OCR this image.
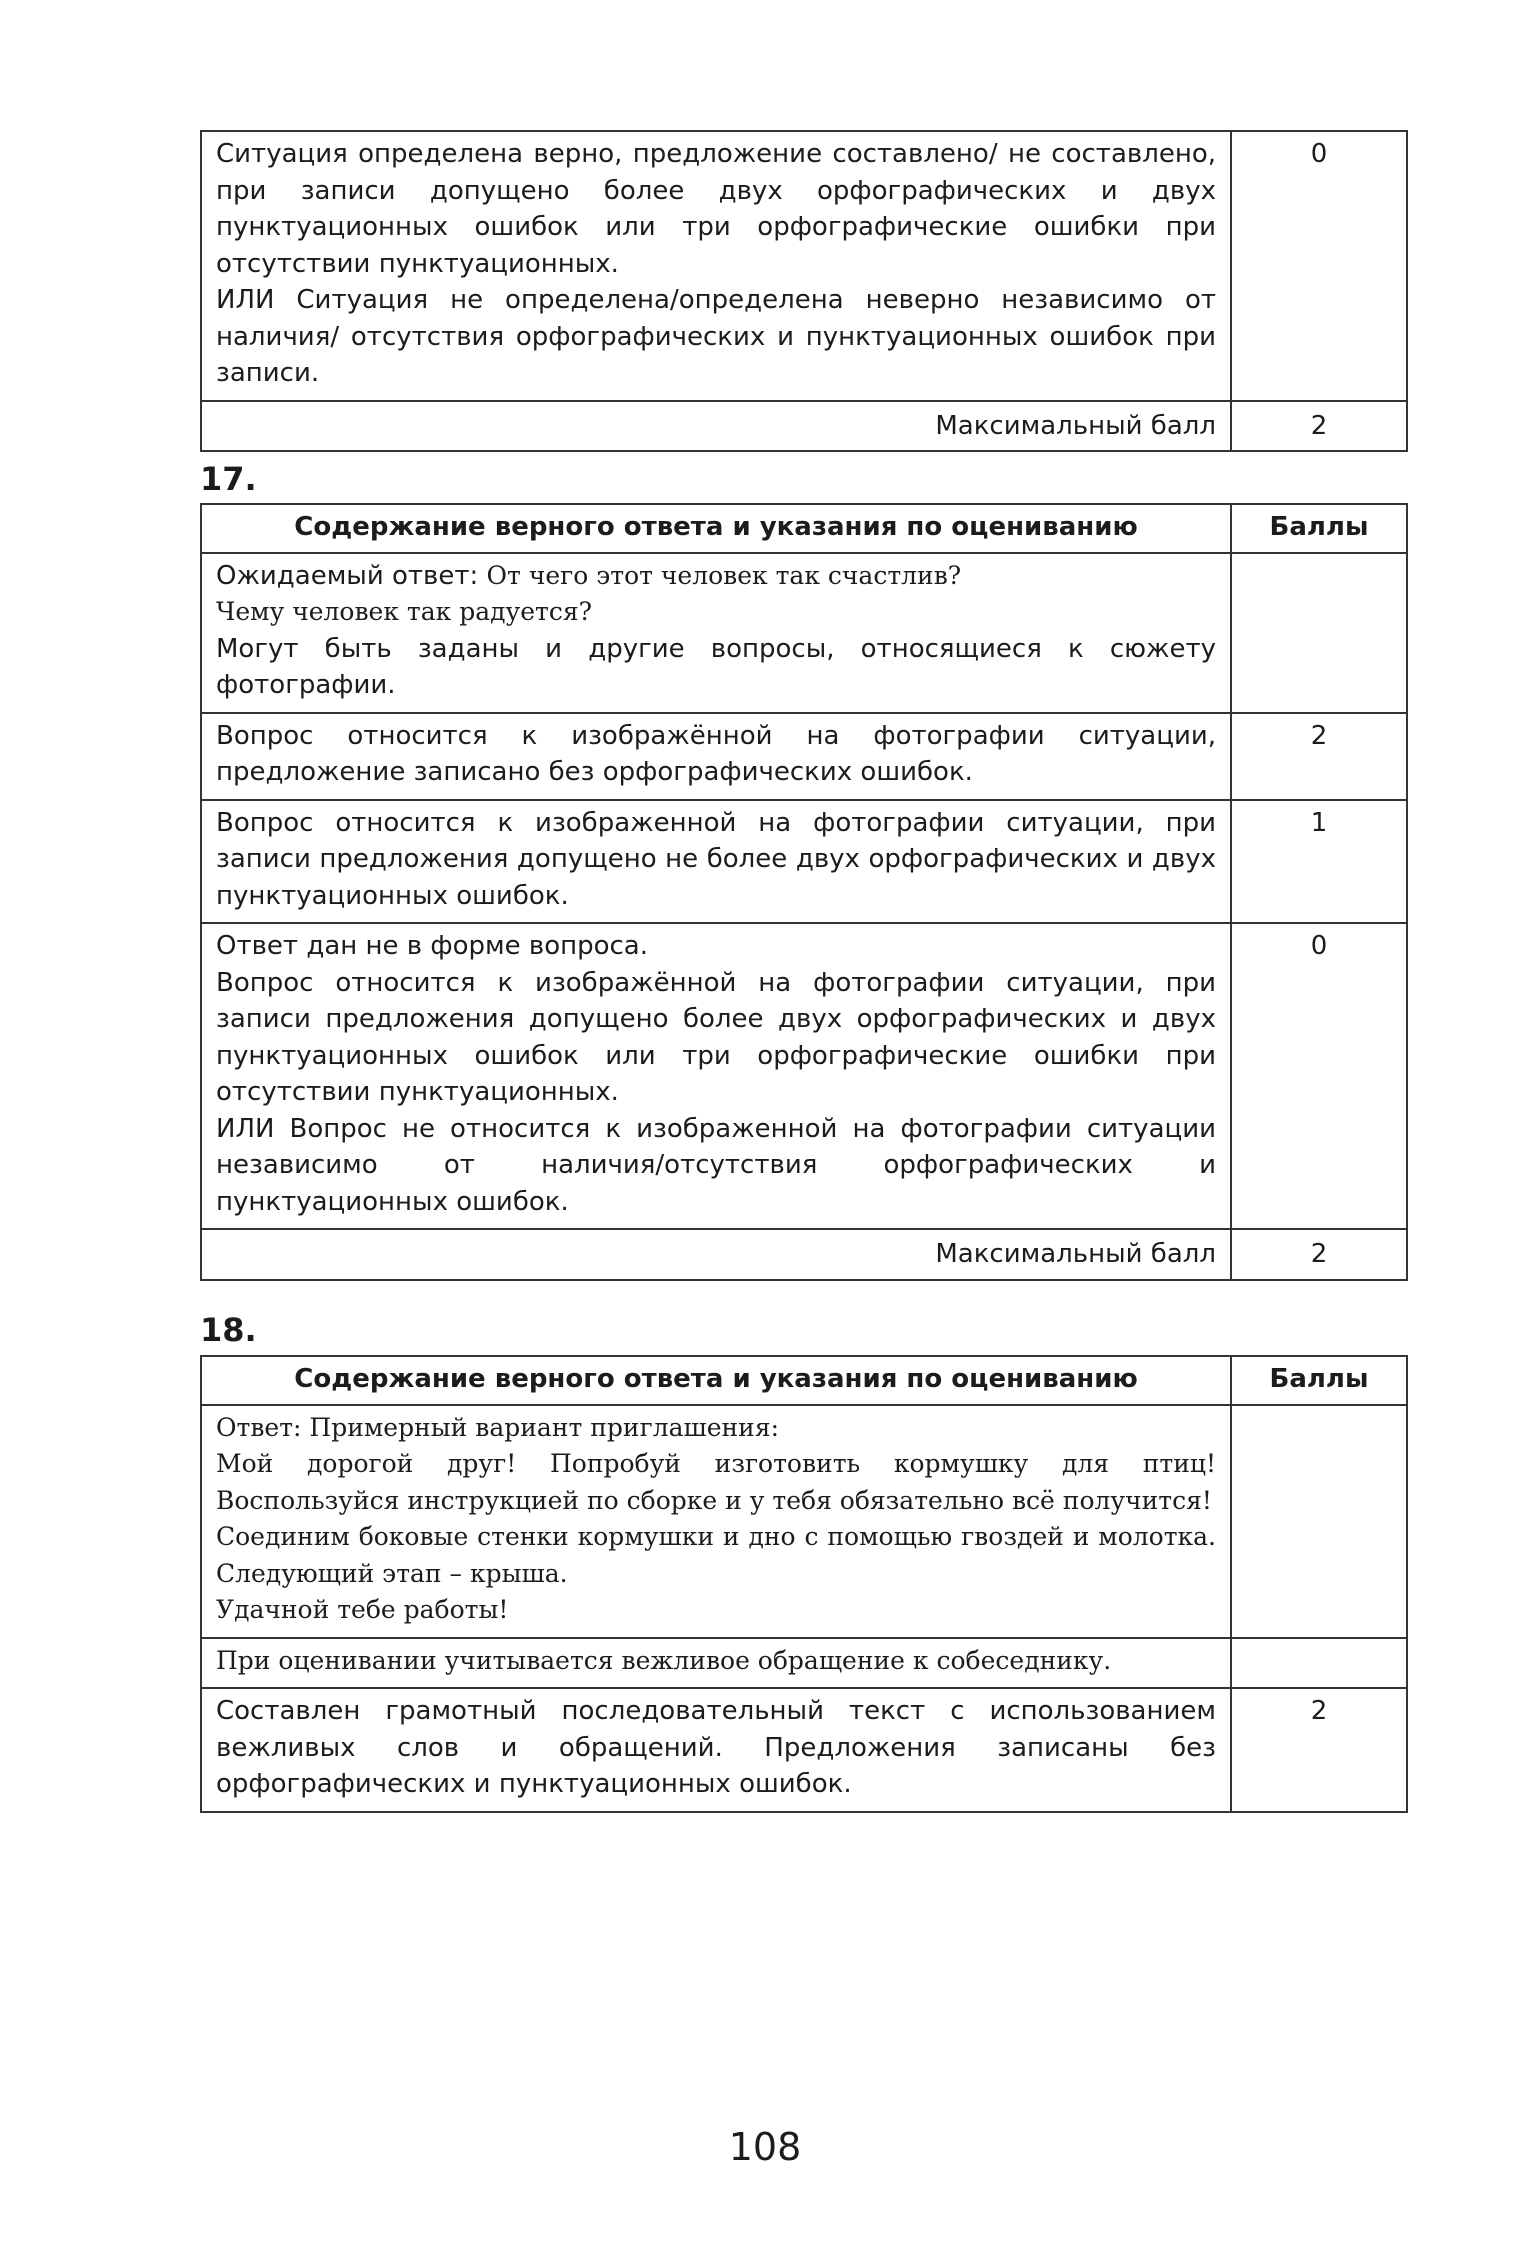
Ситуация определена верно, предложение составлено/ не составлено, при записи допущено более двух орфографических и двух пунктуационных ошибок или три орфографические ошибки при отсутствии пунктуационных.
ИЛИ Ситуация не определена/определена неверно независимо от наличия/ отсутствия орфографических и пунктуационных ошибок при записи.	0
Максимальный балл	2
17.
Содержание верного ответа и указания по оцениванию	Баллы

Ожидаемый ответ: От чего этот человек так счастлив?
Чему человек так радуется?
Могут быть заданы и другие вопросы, относящиеся к сюжету фотографии.	

Вопрос относится к изображённой на фотографии ситуации, предложение записано без орфографических ошибок.	2

Вопрос относится к изображенной на фотографии ситуации, при записи предложения допущено не более двух орфографических и двух пунктуационных ошибок.	1

Ответ дан не в форме вопроса.
Вопрос относится к изображённой на фотографии ситуации, при записи предложения допущено более двух орфографических и двух пунктуационных ошибок или три орфографические ошибки при отсутствии пунктуационных.
ИЛИ Вопрос не относится к изображенной на фотографии ситуации независимо от наличия/отсутствия орфографических и пунктуационных ошибок.	0
Максимальный балл	2
18.
Содержание верного ответа и указания по оцениванию	Баллы

Ответ: Примерный вариант приглашения:
Мой дорогой друг! Попробуй изготовить кормушку для птиц! Воспользуйся инструкцией по сборке и у тебя обязательно всё получится!
Соединим боковые стенки кормушки и дно с помощью гвоздей и молотка. Следующий этап – крыша.
Удачной тебе работы!	

При оценивании учитывается вежливое обращение к собеседнику.	

Составлен грамотный последовательный текст с использованием вежливых слов и обращений. Предложения записаны без орфографических и пунктуационных ошибок.	2
108
